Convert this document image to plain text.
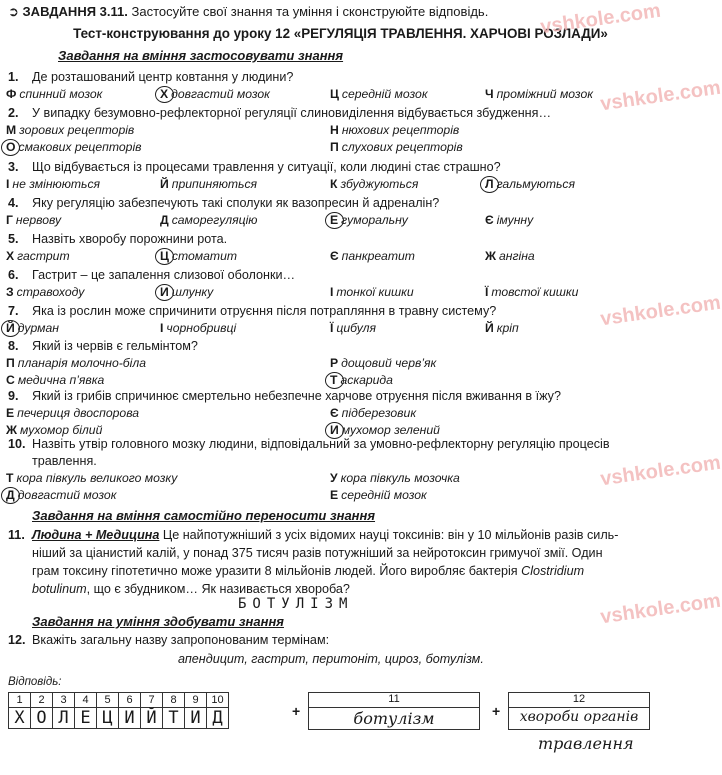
➲ ЗАВДАННЯ 3.11. Застосуйте свої знання та уміння і сконструюйте відповідь.
Тест-конструювання до уроку 12 «РЕГУЛЯЦІЯ ТРАВЛЕННЯ. ХАРЧОВІ РОЗЛАДИ»
Завдання на вміння застосовувати знання
1. Де розташований центр ковтання у людини?
Ф спинний мозок	Х довгастий мозок	Ц середній мозок	Ч проміжний мозок
2. У випадку безумовно-рефлекторної регуляції слиновиділення відбувається збудження…
М зорових рецепторів	Н нюхових рецепторів
О смакових рецепторів	П слухових рецепторів
3. Що відбувається із процесами травлення у ситуації, коли людині стає страшно?
І не змінюються	Й припиняються	К збуджуються	Л гальмуються
4. Яку регуляцію забезпечують такі сполуки як вазопресин й адреналін?
Г нервову	Д саморегуляцію	Е гуморальну	Є імунну
5. Назвіть хворобу порожнини рота.
Х гастрит	Ц стоматит	Є панкреатит	Ж ангіна
6. Гастрит – це запалення слизової оболонки…
З стравоходу	И шлунку	І тонкої кишки	Ї товстої кишки
7. Яка із рослин може спричинити отруєння після потрапляння в травну систему?
Й дурман	І чорнобривці	Ї цибуля	Й кріп
8. Який із червів є гельмінтом?
П планарія молочно-біла	Р дощовий черв’як
С медична п’явка	Т аскарида
9. Який із грибів спричинює смертельно небезпечне харчове отруєння після вживання в їжу?
Е печериця двоспорова	Є підберезовик
Ж мухомор білий	И мухомор зелений
10. Назвіть утвір головного мозку людини, відповідальний за умовно-рефлекторну регуляцію процесів
травлення.
Т кора півкуль великого мозку	У кора півкуль мозочка
Д довгастий мозок	Е середній мозок
vshkole.com
vshkole.com
vshkole.com
vshkole.com
vshkole.com
Завдання на вміння самостійно переносити знання
11. Людина + Медицина Це найпотужніший з усіх відомих науці токсинів: він у 10 мільйонів разів силь-
ніший за ціанистий калій, у понад 375 тисяч разів потужніший за нейротоксин гримучої змії. Один
грам токсину гіпотетично може уразити 8 мільйонів людей. Його виробляє бактерія Clostridium
botulinum, що є збудником… Як називається хвороба?
БОТУЛІЗМ
Завдання на уміння здобувати знання
12. Вкажіть загальну назву запропонованим термінам:
апендицит, гастрит, перитоніт, цироз, ботулізм.
Відповідь:
1	2	3	4	5	6	7	8	9	10
Х	О	Л	Е	Ц	И	Й	Т	И	Д	+
11
ботулізм	+
12
хвороби органів
травлення
